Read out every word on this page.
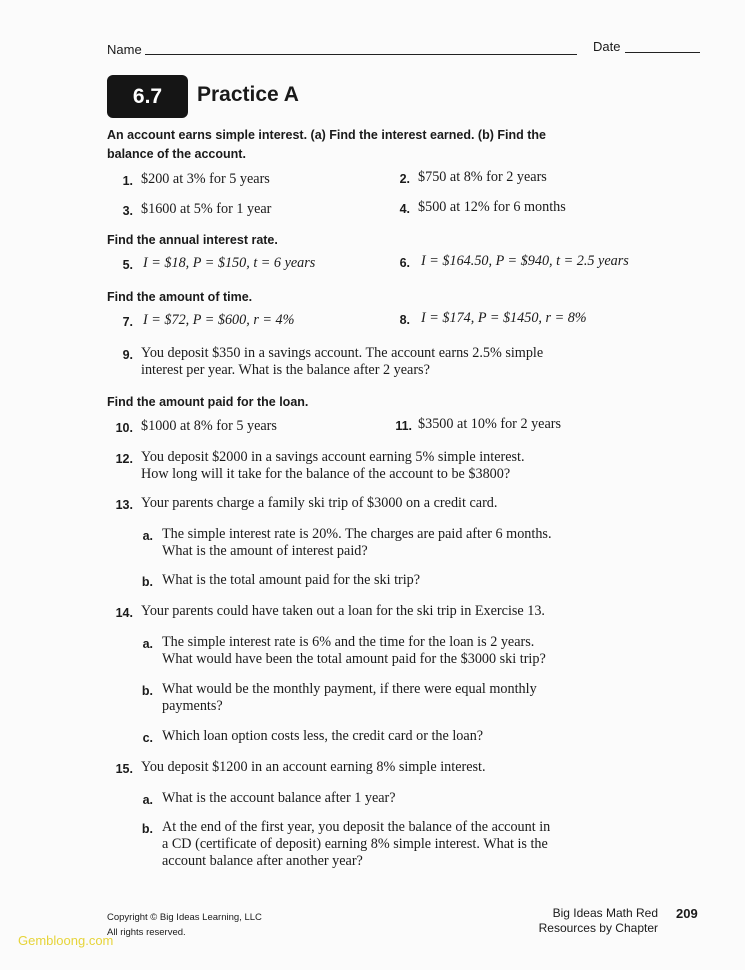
Name	Date
6.7	Practice A
An account earns simple interest. (a) Find the interest earned. (b) Find the
balance of the account.
1. $200 at 3% for 5 years	2. $750 at 8% for 2 years
3. $1600 at 5% for 1 year	4. $500 at 12% for 6 months
Find the annual interest rate.
5. I = $18, P = $150, t = 6 years	6. I = $164.50, P = $940, t = 2.5 years
Find the amount of time.
7. I = $72, P = $600, r = 4%	8. I = $174, P = $1450, r = 8%
9. You deposit $350 in a savings account. The account earns 2.5% simple
interest per year. What is the balance after 2 years?
Find the amount paid for the loan.
10. $1000 at 8% for 5 years	11. $3500 at 10% for 2 years
12. You deposit $2000 in a savings account earning 5% simple interest.
How long will it take for the balance of the account to be $3800?
13. Your parents charge a family ski trip of $3000 on a credit card.
a. The simple interest rate is 20%. The charges are paid after 6 months.
What is the amount of interest paid?
b. What is the total amount paid for the ski trip?
14. Your parents could have taken out a loan for the ski trip in Exercise 13.
a. The simple interest rate is 6% and the time for the loan is 2 years.
What would have been the total amount paid for the $3000 ski trip?
b. What would be the monthly payment, if there were equal monthly
payments?
c. Which loan option costs less, the credit card or the loan?
15. You deposit $1200 in an account earning 8% simple interest.
a. What is the account balance after 1 year?
b. At the end of the first year, you deposit the balance of the account in
a CD (certificate of deposit) earning 8% simple interest. What is the
account balance after another year?
Copyright © Big Ideas Learning, LLC
All rights reserved.
Gembloong.com
Big Ideas Math Red
Resources by Chapter
209
